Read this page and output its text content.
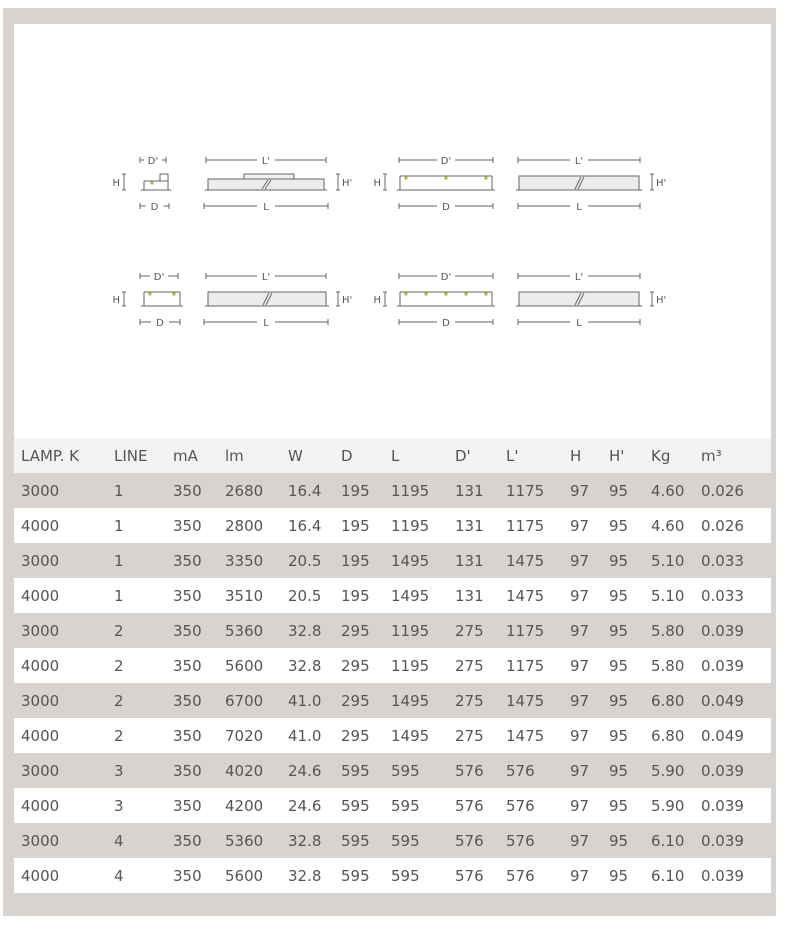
H
D'
D
L'
L
H' H
D'
D
L'
L
H'
H
D'
D
L'
L
H' H
D'
D
L'
L
H'
LAMP. K	LINE	mA	lm	W	D	L	D'	L'	H	H'	Kg	m³
3000	1	350	2680	16.4	195	1195	131	1175	97	95	4.60	0.026
4000	1	350	2800	16.4	195	1195	131	1175	97	95	4.60	0.026
3000	1	350	3350	20.5	195	1495	131	1475	97	95	5.10	0.033
4000	1	350	3510	20.5	195	1495	131	1475	97	95	5.10	0.033
3000	2	350	5360	32.8	295	1195	275	1175	97	95	5.80	0.039
4000	2	350	5600	32.8	295	1195	275	1175	97	95	5.80	0.039
3000	2	350	6700	41.0	295	1495	275	1475	97	95	6.80	0.049
4000	2	350	7020	41.0	295	1495	275	1475	97	95	6.80	0.049
3000	3	350	4020	24.6	595	595	576	576	97	95	5.90	0.039
4000	3	350	4200	24.6	595	595	576	576	97	95	5.90	0.039
3000	4	350	5360	32.8	595	595	576	576	97	95	6.10	0.039
4000	4	350	5600	32.8	595	595	576	576	97	95	6.10	0.039
